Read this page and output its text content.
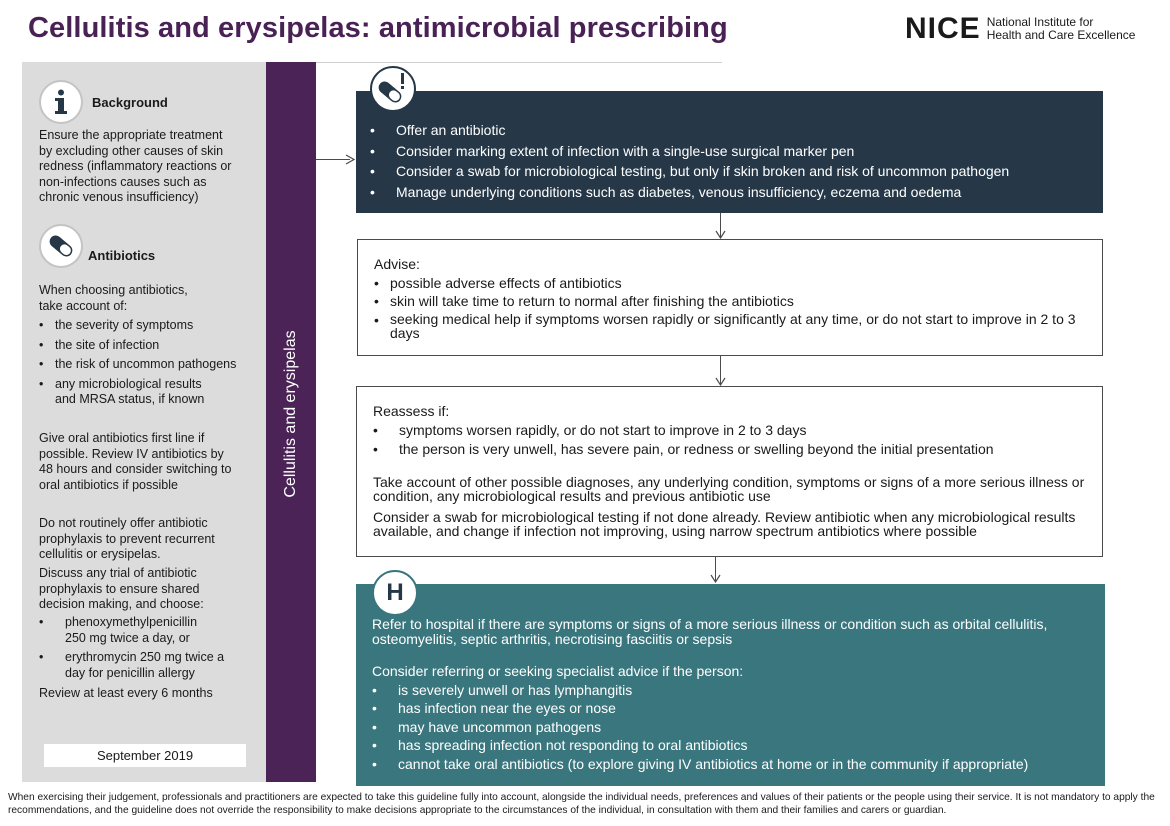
Cellulitis and erysipelas: antimicrobial prescribing	NICE National Institute for
Health and Care Excellence
Background
Ensure the appropriate treatment by excluding other causes of skin redness (inflammatory reactions or non-infections causes such as chronic venous insufficiency)
Antibiotics
When choosing antibiotics, take account of:
• the severity of symptoms
• the site of infection
• the risk of uncommon pathogens
• any microbiological results and MRSA status, if known
Give oral antibiotics first line if possible. Review IV antibiotics by 48 hours and consider switching to oral antibiotics if possible
Do not routinely offer antibiotic prophylaxis to prevent recurrent cellulitis or erysipelas.
Discuss any trial of antibiotic prophylaxis to ensure shared decision making, and choose:
•	phenoxymethylpenicillin 250 mg twice a day, or
•	erythromycin 250 mg twice a day for penicillin allergy
Review at least every 6 months
September 2019
Cellulitis and erysipelas
•	Offer an antibiotic
•	Consider marking extent of infection with a single-use surgical marker pen
•	Consider a swab for microbiological testing, but only if skin broken and risk of uncommon pathogen
•	Manage underlying conditions such as diabetes, venous insufficiency, eczema and oedema
Advise:
• possible adverse effects of antibiotics
• skin will take time to return to normal after finishing the antibiotics
• seeking medical help if symptoms worsen rapidly or significantly at any time, or do not start to improve in 2 to 3 days
Reassess if:
•	symptoms worsen rapidly, or do not start to improve in 2 to 3 days
•	the person is very unwell, has severe pain, or redness or swelling beyond the initial presentation
Take account of other possible diagnoses, any underlying condition, symptoms or signs of a more serious illness or condition, any microbiological results and previous antibiotic use
Consider a swab for microbiological testing if not done already. Review antibiotic when any microbiological results available, and change if infection not improving, using narrow spectrum antibiotics where possible
Refer to hospital if there are symptoms or signs of a more serious illness or condition such as orbital cellulitis, osteomyelitis, septic arthritis, necrotising fasciitis or sepsis
Consider referring or seeking specialist advice if the person:
•	is severely unwell or has lymphangitis
•	has infection near the eyes or nose
•	may have uncommon pathogens
•	has spreading infection not responding to oral antibiotics
•	cannot take oral antibiotics (to explore giving IV antibiotics at home or in the community if appropriate)
H
When exercising their judgement, professionals and practitioners are expected to take this guideline fully into account, alongside the individual needs, preferences and values of their patients or the people using their service. It is not mandatory to apply the recommendations, and the guideline does not override the responsibility to make decisions appropriate to the circumstances of the individual, in consultation with them and their families and carers or guardian.
